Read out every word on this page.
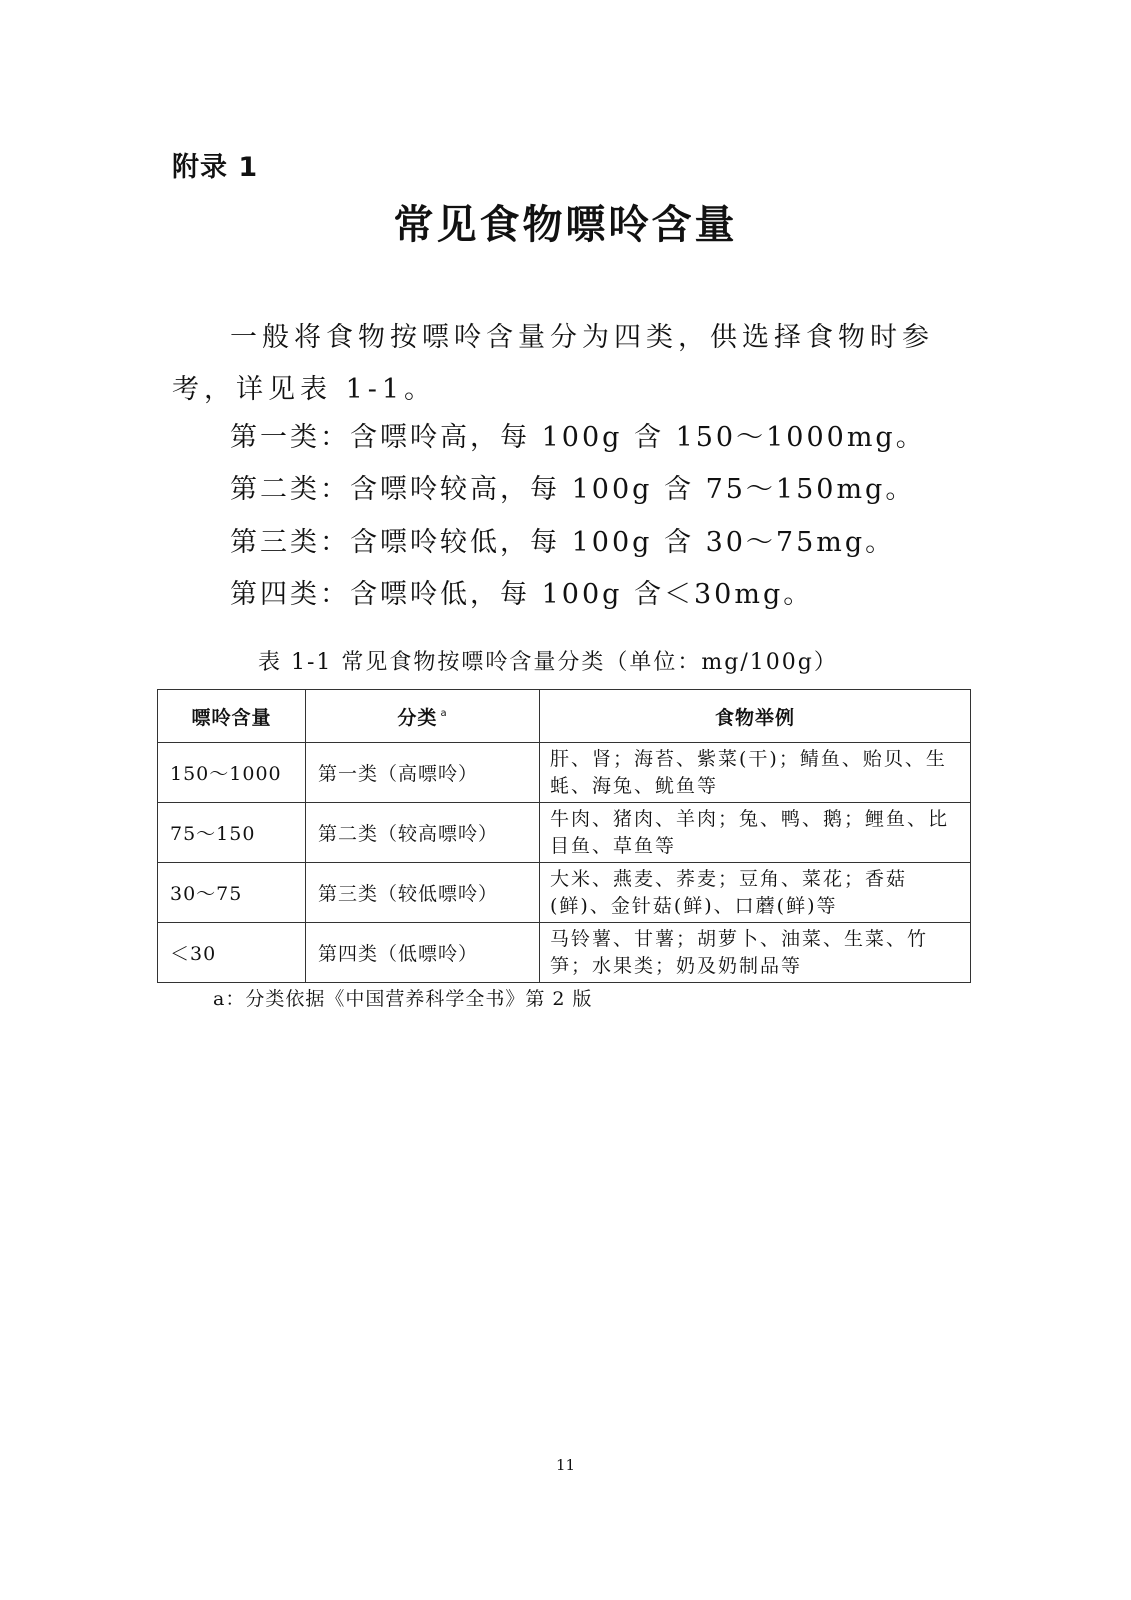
附录 1
常见食物嘌呤含量

一般将食物按嘌呤含量分为四类，供选择食物时参考，详见表 1-1。

第一类：含嘌呤高，每 100g 含 150～1000mg。

第二类：含嘌呤较高，每 100g 含 75～150mg。

第三类：含嘌呤较低，每 100g 含 30～75mg。

第四类：含嘌呤低，每 100g 含＜30mg。

表 1-1 常见食物按嘌呤含量分类（单位：mg/100g）

嘌呤含量	分类 $^a$	食物举例
150～1000	第一类（高嘌呤）	肝、肾；海苔、紫菜(干)；鲭鱼、贻贝、生蚝、海兔、鱿鱼等
75～150	第二类（较高嘌呤）	牛肉、猪肉、羊肉；兔、鸭、鹅；鲤鱼、比目鱼、草鱼等
30～75	第三类（较低嘌呤）	大米、燕麦、荞麦；豆角、菜花；香菇(鲜)、金针菇(鲜)、口蘑(鲜)等
＜30	第四类（低嘌呤）	马铃薯、甘薯；胡萝卜、油菜、生菜、竹笋；水果类；奶及奶制品等

a：分类依据《中国营养科学全书》第 2 版

11
